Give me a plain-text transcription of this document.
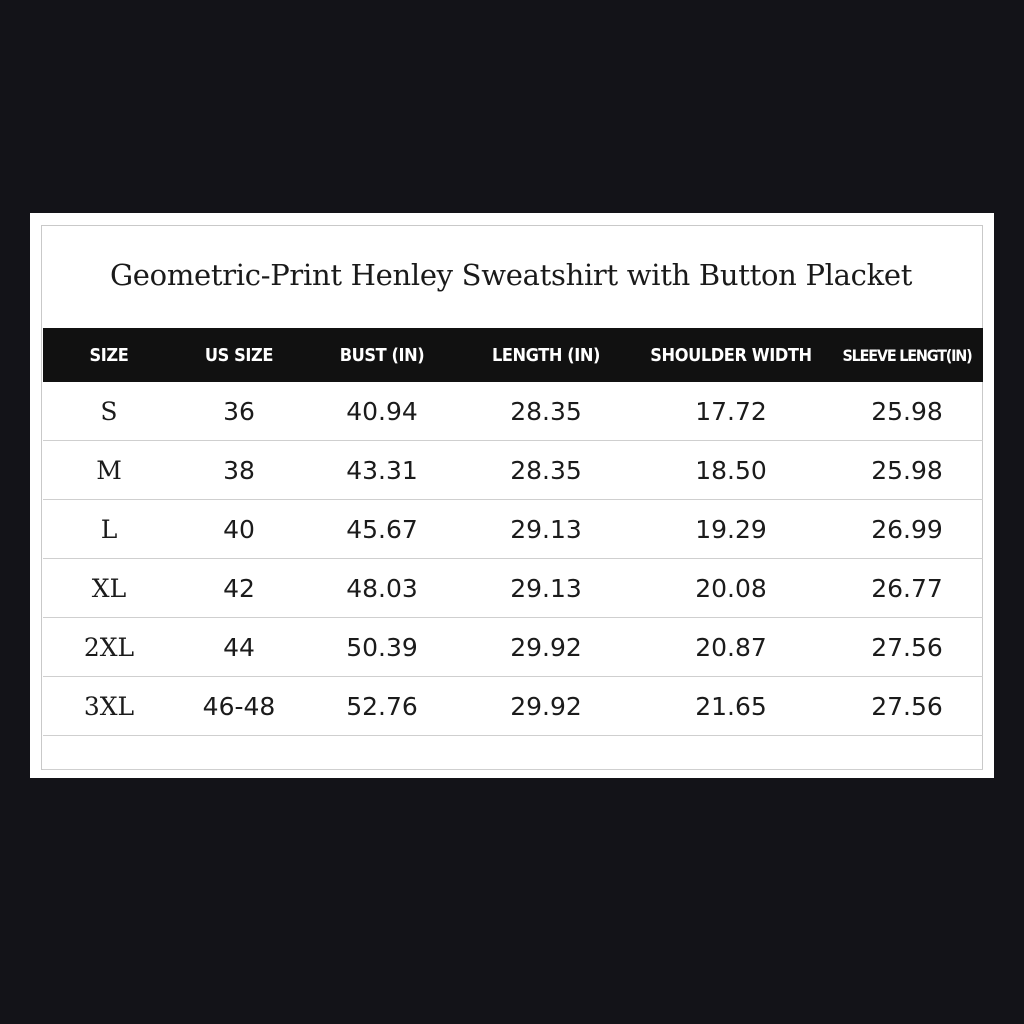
Geometric-Print Henley Sweatshirt with Button Placket
SIZE	US SIZE	BUST (IN)	LENGTH (IN)	SHOULDER WIDTH	SLEEVE LENGT(IN)
S	36	40.94	28.35	17.72	25.98
M	38	43.31	28.35	18.50	25.98
L	40	45.67	29.13	19.29	26.99
XL	42	48.03	29.13	20.08	26.77
2XL	44	50.39	29.92	20.87	27.56
3XL	46-48	52.76	29.92	21.65	27.56
